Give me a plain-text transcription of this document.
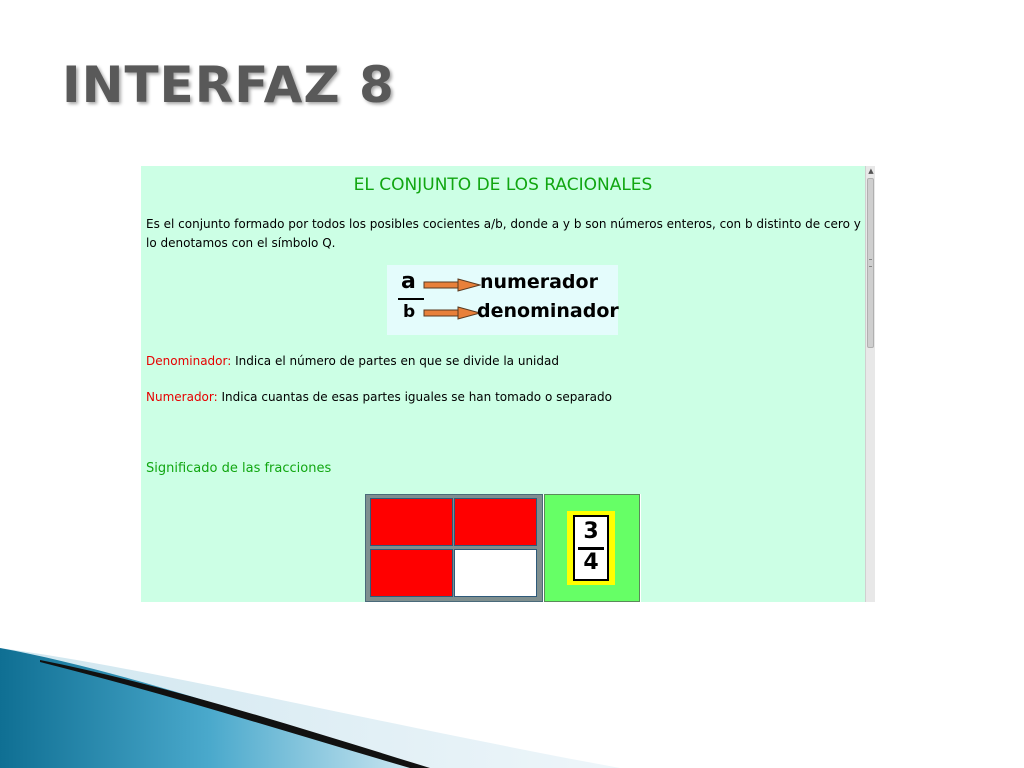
INTERFAZ 8
EL CONJUNTO DE LOS RACIONALES
Es el conjunto formado por todos los posibles cocientes a/b, donde a y b son números enteros, con b distinto de cero y lo denotamos con el símbolo Q.
a
b
numerador
denominador
Denominador: Indica el número de partes en que se divide la unidad
Numerador: Indica cuantas de esas partes iguales se han tomado o separado
Significado de las fracciones
3
4
▲
